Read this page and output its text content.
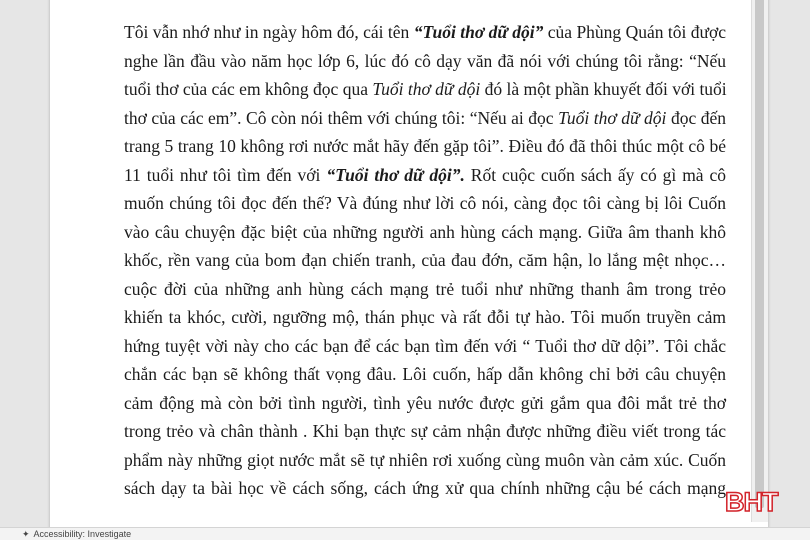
Tôi vẫn nhớ như in ngày hôm đó, cái tên “Tuổi thơ dữ dội” của Phùng Quán tôi được
nghe lần đầu vào năm học lớp 6, lúc đó cô dạy văn đã nói với chúng tôi rằng: “Nếu
tuổi thơ của các em không đọc qua Tuổi thơ dữ dội đó là một phần khuyết đối với tuổi
thơ của các em”. Cô còn nói thêm với chúng tôi: “Nếu ai đọc Tuổi thơ dữ dội đọc đến
trang 5 trang 10 không rơi nước mắt hãy đến gặp tôi”. Điều đó đã thôi thúc một cô bé
11 tuổi như tôi tìm đến với “Tuổi thơ dữ dội”. Rốt cuộc cuốn sách ấy có gì mà cô
muốn chúng tôi đọc đến thế? Và đúng như lời cô nói, càng đọc tôi càng bị lôi Cuốn
vào câu chuyện đặc biệt của những người anh hùng cách mạng. Giữa âm thanh khô
khốc, rền vang của bom đạn chiến tranh, của đau đớn, căm hận, lo lắng mệt nhọc…
cuộc đời của những anh hùng cách mạng trẻ tuổi như những thanh âm trong trẻo
khiến ta khóc, cười, ngưỡng mộ, thán phục và rất đỗi tự hào. Tôi muốn truyền cảm
hứng tuyệt vời này cho các bạn để các bạn tìm đến với “ Tuổi thơ dữ dội”. Tôi chắc
chắn các bạn sẽ không thất vọng đâu. Lôi cuốn, hấp dẫn không chỉ bởi câu chuyện
cảm động mà còn bởi tình người, tình yêu nước được gửi gắm qua đôi mắt trẻ thơ
trong trẻo và chân thành . Khi bạn thực sự cảm nhận được những điều viết trong tác
phẩm này những giọt nước mắt sẽ tự nhiên rơi xuống cùng muôn vàn cảm xúc. Cuốn
sách dạy ta bài học về cách sống, cách ứng xử qua chính những cậu bé cách mạng BHT
✦ Accessibility: Investigate
